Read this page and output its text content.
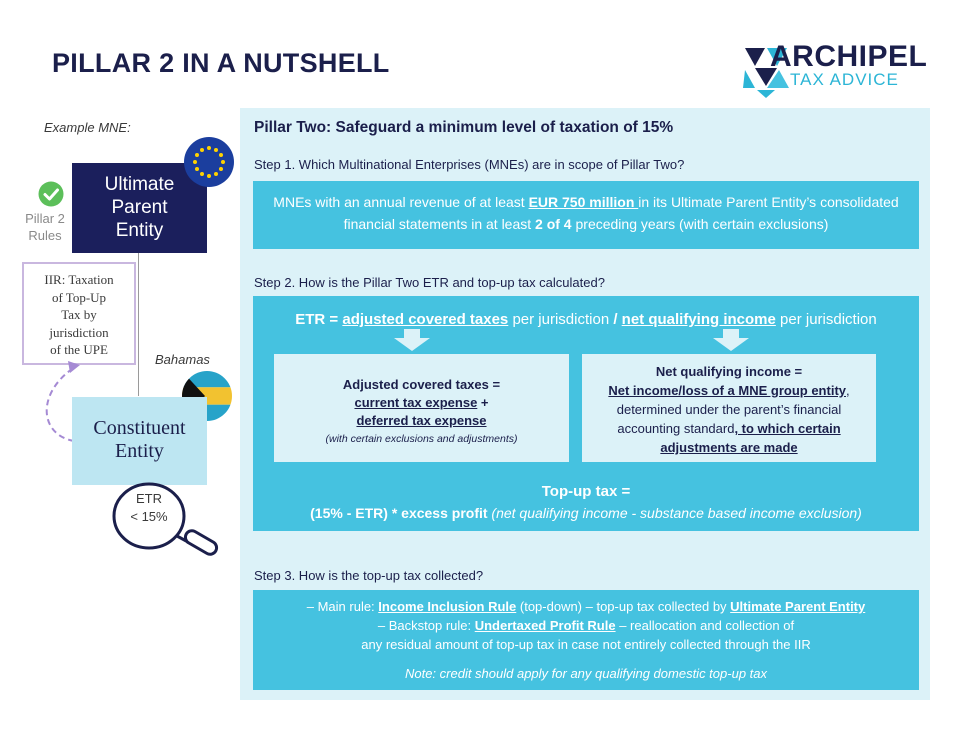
PILLAR 2 IN A NUTSHELL	ARCHIPEL
TAX ADVICE
Example MNE:
Ultimate
Parent
Entity
Pillar 2
Rules
IIR: Taxation
of Top-Up
Tax by
jurisdiction
of the UPE
Bahamas
Constituent
Entity
ETR
< 15%
Pillar Two: Safeguard a minimum level of taxation of 15%
Step 1. Which Multinational Enterprises (MNEs) are in scope of Pillar Two?
MNEs with an annual revenue of at least EUR 750 million in its Ultimate Parent Entity’s consolidated financial statements in at least 2 of 4 preceding years (with certain exclusions)
Step 2. How is the Pillar Two ETR and top-up tax calculated?
ETR = adjusted covered taxes per jurisdiction / net qualifying income per jurisdiction
Adjusted covered taxes =
current tax expense +
deferred tax expense
(with certain exclusions and adjustments)
Net qualifying income =
Net income/loss of a MNE group entity,
determined under the parent’s financial
accounting standard, to which certain
adjustments are made
Top-up tax =
(15% - ETR) * excess profit (net qualifying income - substance based income exclusion)
Step 3. How is the top-up tax collected?
– Main rule: Income Inclusion Rule (top-down) – top-up tax collected by Ultimate Parent Entity
– Backstop rule: Undertaxed Profit Rule – reallocation and collection of
any residual amount of top-up tax in case not entirely collected through the IIR
Note: credit should apply for any qualifying domestic top-up tax
